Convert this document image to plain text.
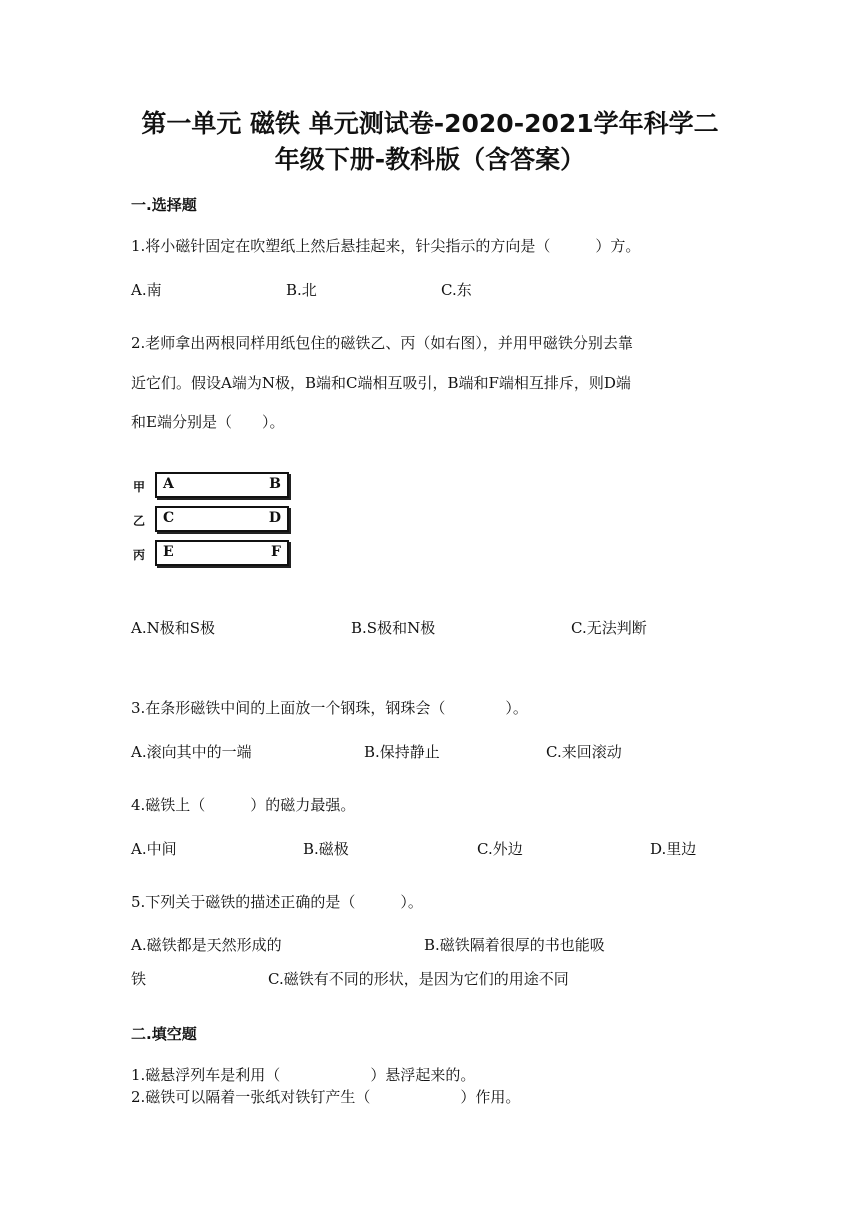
第一单元 磁铁 单元测试卷-2020-2021学年科学二
年级下册-教科版（含答案）
一.选择题
1.将小磁针固定在吹塑纸上然后悬挂起来，针尖指示的方向是（　　　）方。
A.南	B.北	C.东
2.老师拿出两根同样用纸包住的磁铁乙、丙（如右图），并用甲磁铁分别去靠
近它们。假设A端为N极，B端和C端相互吸引，B端和F端相互排斥，则D端
和E端分别是（　　）。
甲 A	B
乙 C	D
丙 E	F
A.N极和S极	B.S极和N极	C.无法判断
3.在条形磁铁中间的上面放一个钢珠，钢珠会（　　　　）。
A.滚向其中的一端	B.保持静止	C.来回滚动
4.磁铁上（　　　）的磁力最强。
A.中间	B.磁极	C.外边	D.里边
5.下列关于磁铁的描述正确的是（　　　）。
A.磁铁都是天然形成的	B.磁铁隔着很厚的书也能吸
铁	C.磁铁有不同的形状，是因为它们的用途不同
二.填空题
1.磁悬浮列车是利用（　　　　　　）悬浮起来的。
2.磁铁可以隔着一张纸对铁钉产生（　　　　　　）作用。
